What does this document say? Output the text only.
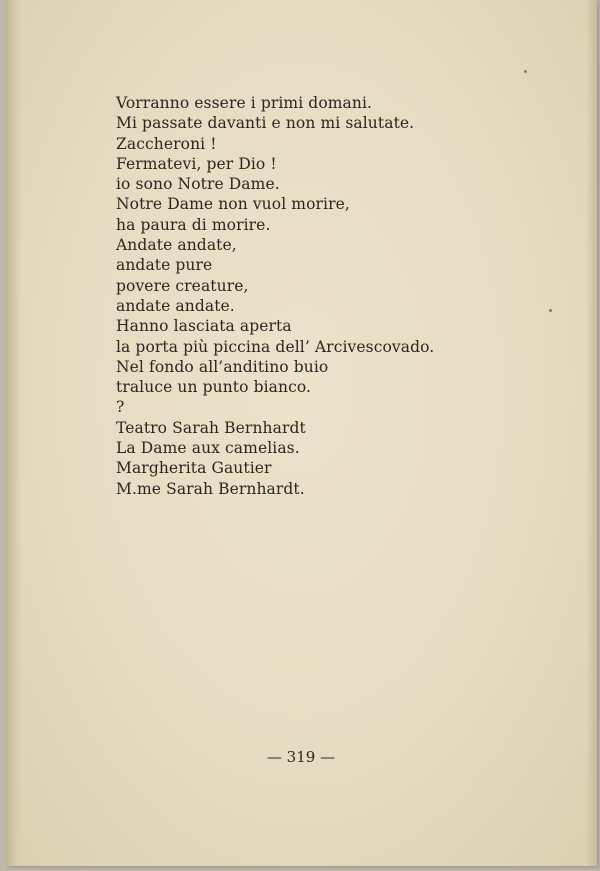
Vorranno essere i primi domani.
Mi passate davanti e non mi salutate.
Zaccheroni !
Fermatevi, per Dio !
io sono Notre Dame.
Notre Dame non vuol morire,
ha paura di morire.
Andate andate,
andate pure
povere creature,
andate andate.
Hanno lasciata aperta
la porta più piccina dell’ Arcivescovado.
Nel fondo all’anditino buio
traluce un punto bianco.
?
Teatro Sarah Bernhardt
La Dame aux camelias.
Margherita Gautier
M.me Sarah Bernhardt.
— 319 —
